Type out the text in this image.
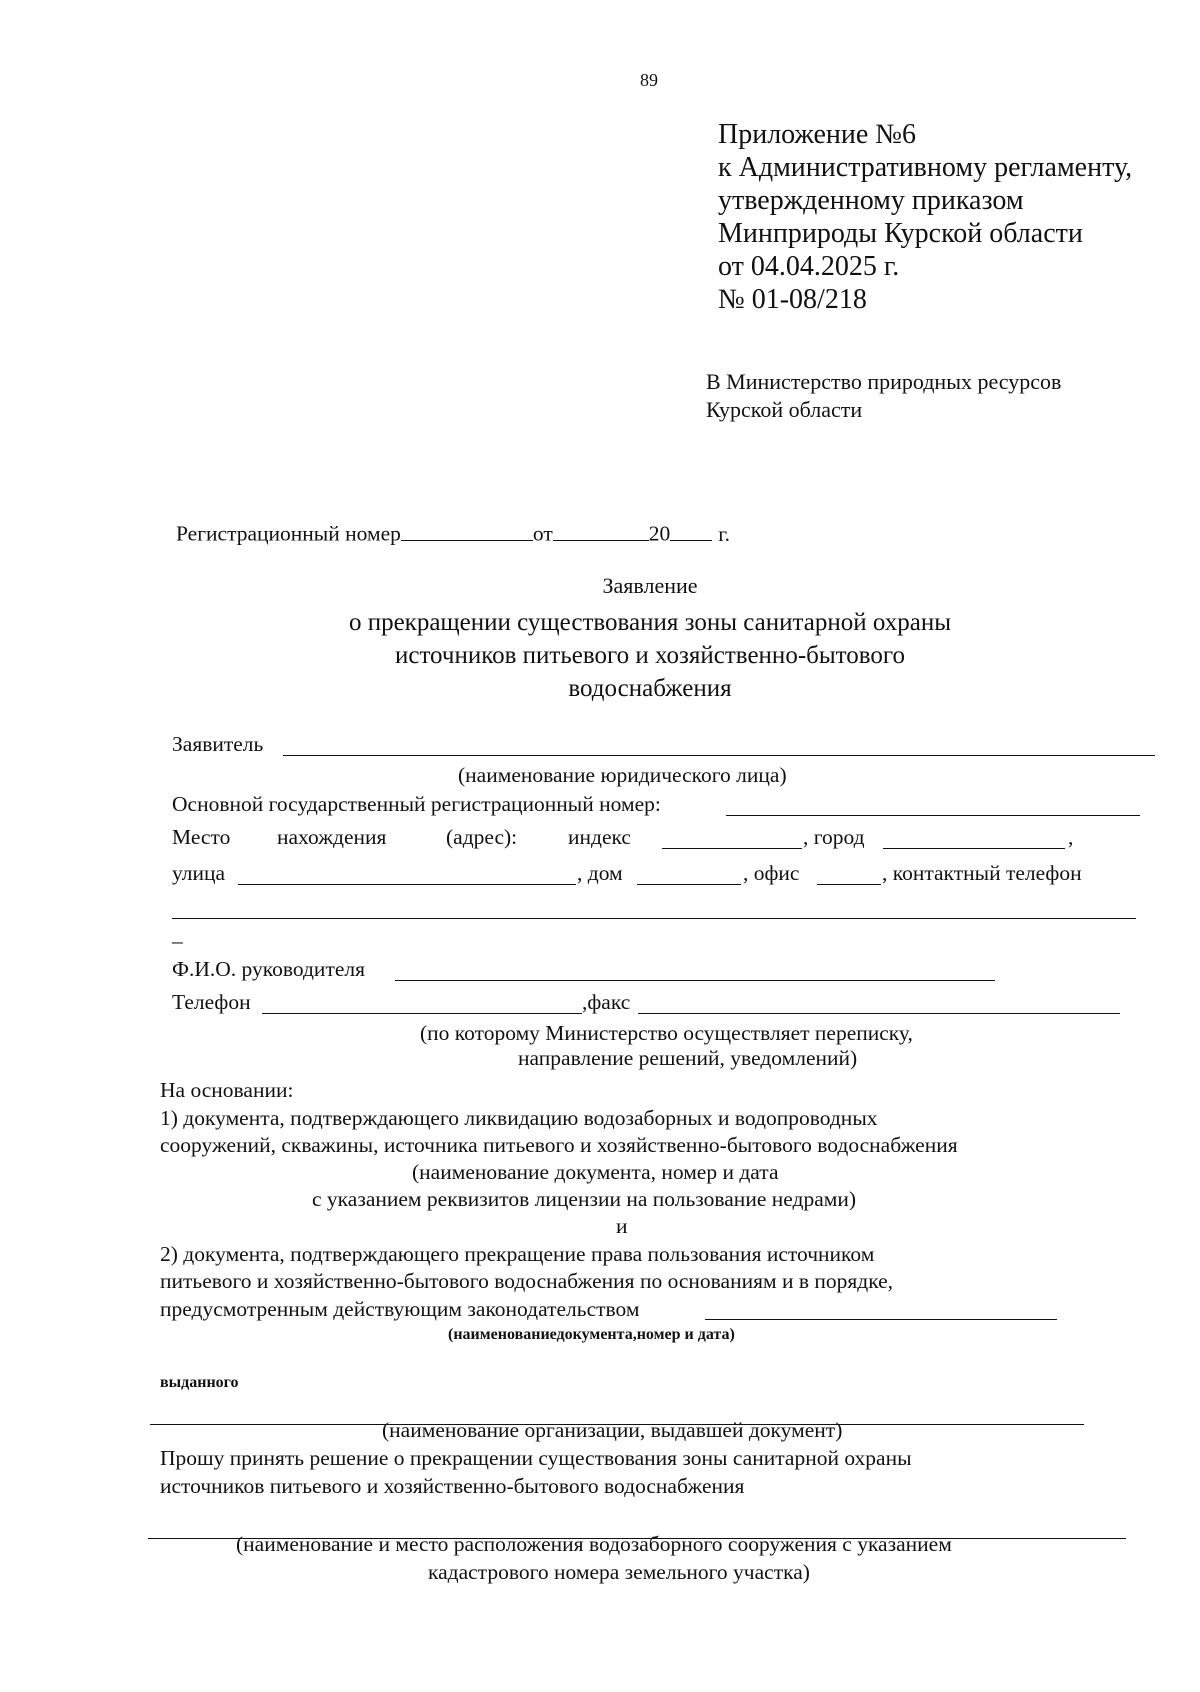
89
Приложение №6
к Административному регламенту,
утвержденному приказом
Минприроды Курской области
от 04.04.2025 г.
№ 01-08/218
В Министерство природных ресурсов
Курской области
Регистрационный номер	от	20 г.
Заявление
о прекращении существования зоны санитарной охраны
источников питьевого и хозяйственно-бытового
водоснабжения
Заявитель
(наименование юридического лица)
Основной государственный регистрационный номер:
Место нахождения	(адрес): индекс	, город	,
улица	, дом	, офис	, контактный телефон
_
Ф.И.О. руководителя
Телефон	,факс
(по которому Министерство осуществляет переписку,
направление решений, уведомлений)
На основании:
1) документа, подтверждающего ликвидацию водозаборных и водопроводных
сооружений, скважины, источника питьевого и хозяйственно-бытового водоснабжения
(наименование документа, номер и дата
с указанием реквизитов лицензии на пользование недрами)
и
2) документа, подтверждающего прекращение права пользования источником
питьевого и хозяйственно-бытового водоснабжения по основаниям и в порядке,
предусмотренным действующим законодательством
(наименованиедокумента,номер и дата)
выданного
(наименование организации, выдавшей документ)
Прошу принять решение о прекращении существования зоны санитарной охраны
источников питьевого и хозяйственно-бытового водоснабжения
(наименование и место расположения водозаборного сооружения с указанием
кадастрового номера земельного участка)
